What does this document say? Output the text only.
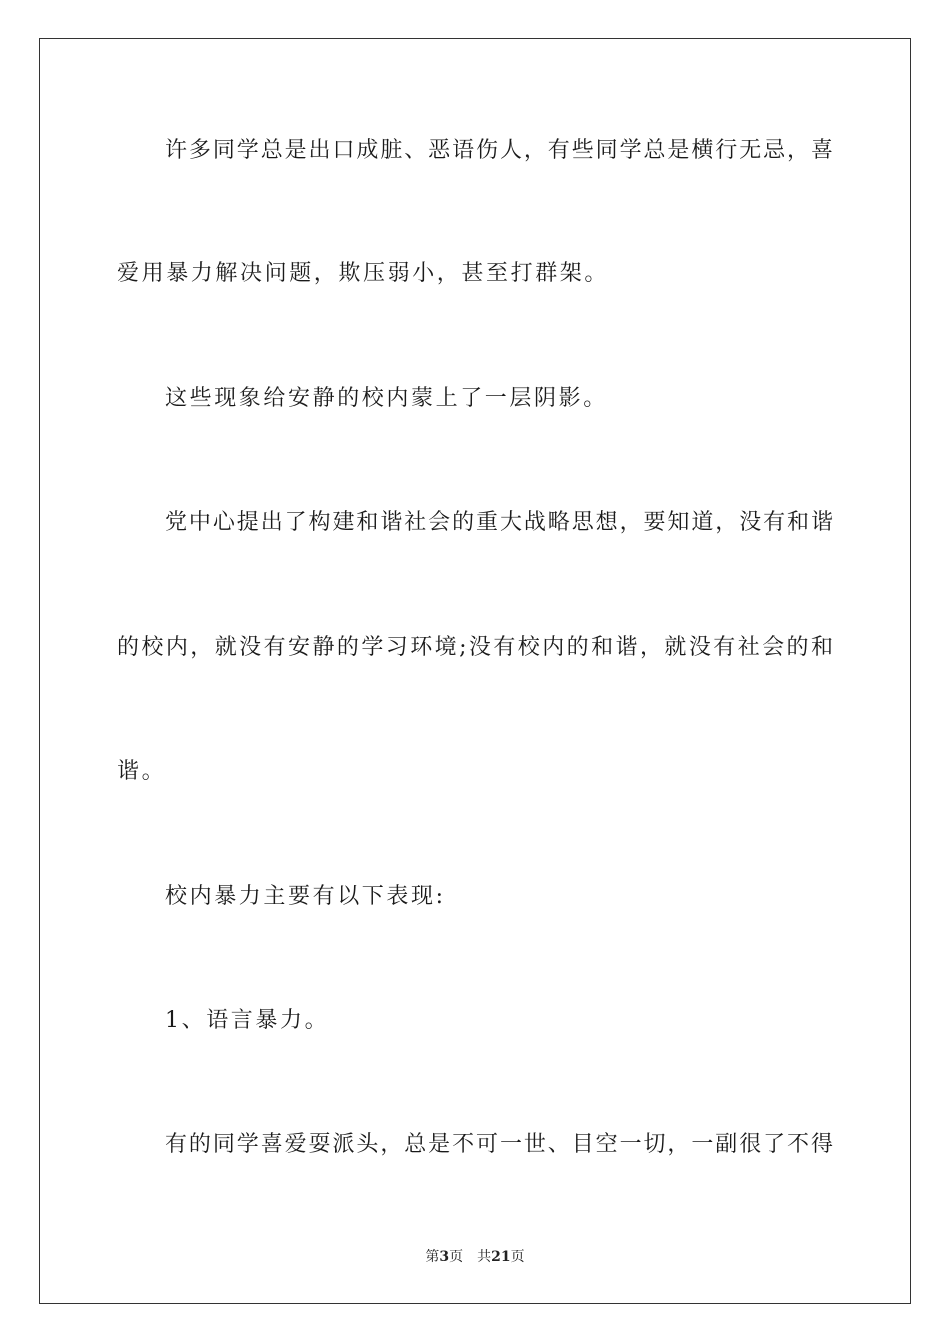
许多同学总是出口成脏、恶语伤人，有些同学总是横行无忌，喜
爱用暴力解决问题，欺压弱小，甚至打群架。
这些现象给安静的校内蒙上了一层阴影。
党中心提出了构建和谐社会的重大战略思想，要知道，没有和谐
的校内，就没有安静的学习环境;没有校内的和谐，就没有社会的和
谐。
校内暴力主要有以下表现:
1、语言暴力。
有的同学喜爱耍派头，总是不可一世、目空一切，一副很了不得
第3页 共21页
